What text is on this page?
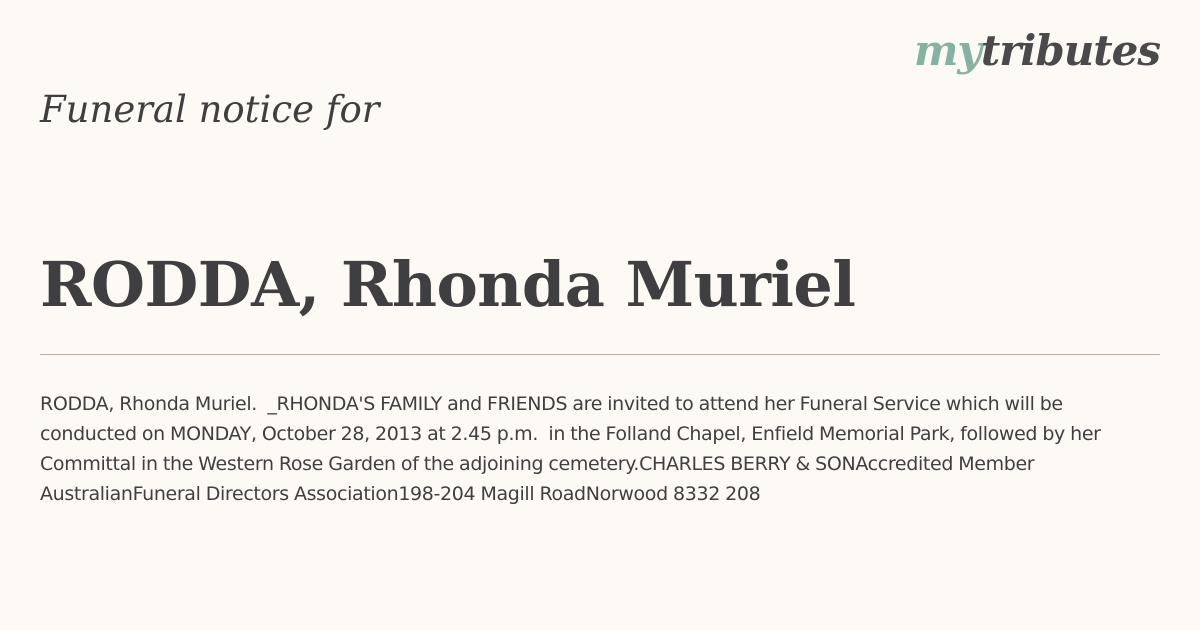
mytributes
Funeral notice for
RODDA, Rhonda Muriel

RODDA, Rhonda Muriel.  _RHONDA'S FAMILY and FRIENDS are invited to attend her Funeral Service which will be conducted on MONDAY, October 28, 2013 at 2.45 p.m.  in the Folland Chapel, Enfield Memorial Park, followed by her Committal in the Western Rose Garden of the adjoining cemetery.CHARLES BERRY & SONAccredited Member AustralianFuneral Directors Association198-204 Magill RoadNorwood 8332 208
